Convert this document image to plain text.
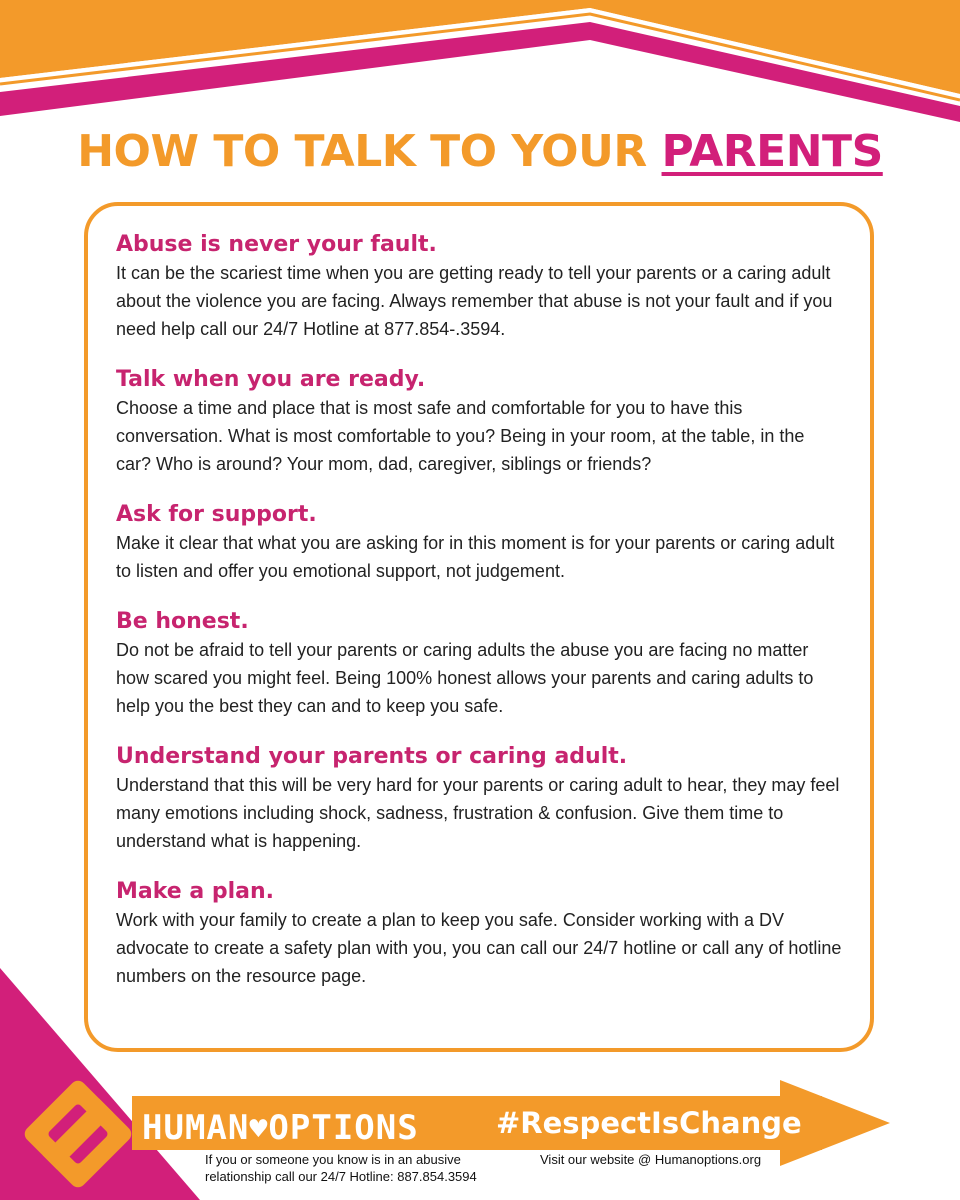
HOW TO TALK TO YOUR PARENTS
Abuse is never your fault.

It can be the scariest time when you are getting ready to tell your parents or a caring adult about the violence you are facing. Always remember that abuse is not your fault and if you need help call our 24/7 Hotline at 877.854-.3594.

Talk when you are ready.

Choose a time and place that is most safe and comfortable for you to have this conversation. What is most comfortable to you? Being in your room, at the table, in the car? Who is around? Your mom, dad, caregiver, siblings or friends?

Ask for support.

Make it clear that what you are asking for in this moment is for your parents or caring adult to listen and offer you emotional support, not judgement.

Be honest.

Do not be afraid to tell your parents or caring adults the abuse you are facing no matter how scared you might feel. Being 100% honest allows your parents and caring adults to help you the best they can and to keep you safe.

Understand your parents or caring adult.

Understand that this will be very hard for your parents or caring adult to hear, they may feel many emotions including shock, sadness, frustration & confusion. Give them time to understand what is happening.

Make a plan.

Work with your family to create a plan to keep you safe. Consider working with a DV advocate to create a safety plan with you, you can call our 24/7 hotline or call any of hotline numbers on the resource page.

HUMAN♥OPTIONS	#RespectIsChange
If you or someone you know is in an abusive
relationship call our 24/7 Hotline: 887.854.3594
Visit our website @ Humanoptions.org
